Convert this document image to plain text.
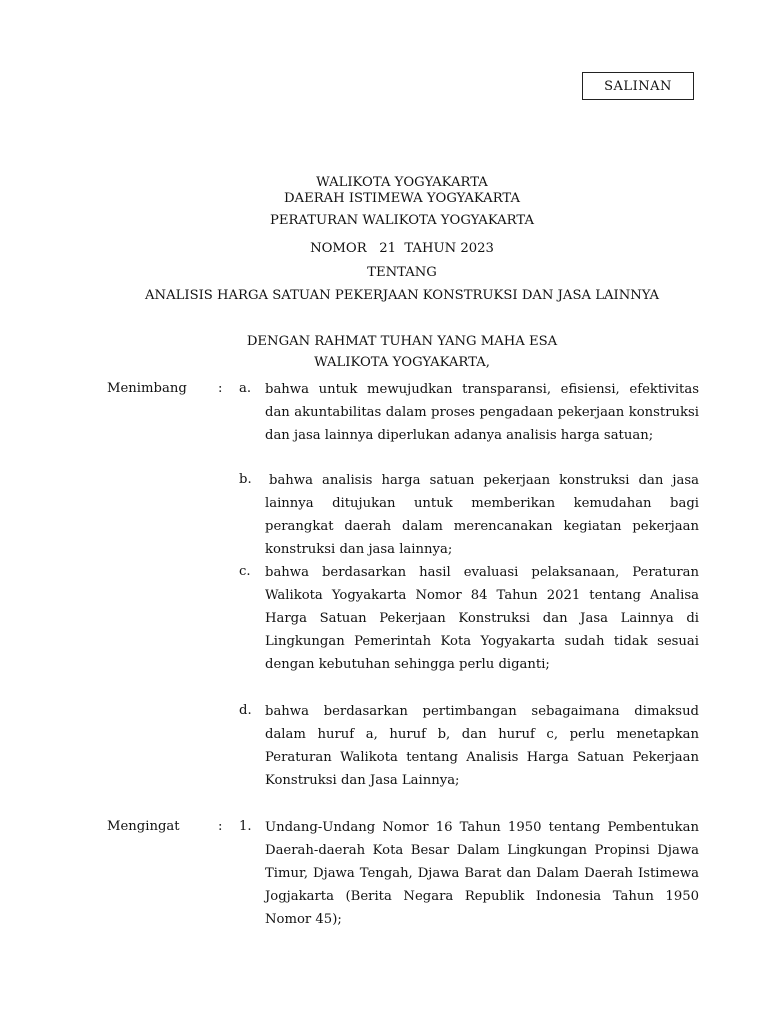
SALINAN
WALIKOTA YOGYAKARTA
DAERAH ISTIMEWA YOGYAKARTA
PERATURAN WALIKOTA YOGYAKARTA
NOMOR   21  TAHUN 2023
TENTANG
ANALISIS HARGA SATUAN PEKERJAAN KONSTRUKSI DAN JASA LAINNYA
DENGAN RAHMAT TUHAN YANG MAHA ESA
WALIKOTA YOGYAKARTA,
Menimbang : a. bahwa untuk mewujudkan transparansi, efisiensi, efektivitas dan akuntabilitas dalam proses pengadaan pekerjaan konstruksi dan jasa lainnya diperlukan adanya analisis harga satuan;
b.	bahwa analisis harga satuan pekerjaan konstruksi dan jasa lainnya ditujukan untuk memberikan kemudahan bagi perangkat daerah dalam merencanakan kegiatan pekerjaan konstruksi dan jasa lainnya;
c. bahwa berdasarkan hasil evaluasi pelaksanaan, Peraturan Walikota Yogyakarta Nomor 84 Tahun 2021 tentang Analisa Harga Satuan Pekerjaan Konstruksi dan Jasa Lainnya di Lingkungan Pemerintah Kota Yogyakarta sudah tidak sesuai dengan kebutuhan sehingga perlu diganti;
d. bahwa berdasarkan pertimbangan sebagaimana dimaksud dalam huruf a, huruf b, dan huruf c, perlu menetapkan Peraturan Walikota tentang Analisis Harga Satuan Pekerjaan Konstruksi dan Jasa Lainnya;
Mengingat	: 1. Undang-Undang Nomor 16 Tahun 1950 tentang Pembentukan Daerah-daerah Kota Besar Dalam Lingkungan Propinsi Djawa Timur, Djawa Tengah, Djawa Barat dan Dalam Daerah Istimewa Jogjakarta (Berita Negara Republik Indonesia Tahun 1950 Nomor 45);
